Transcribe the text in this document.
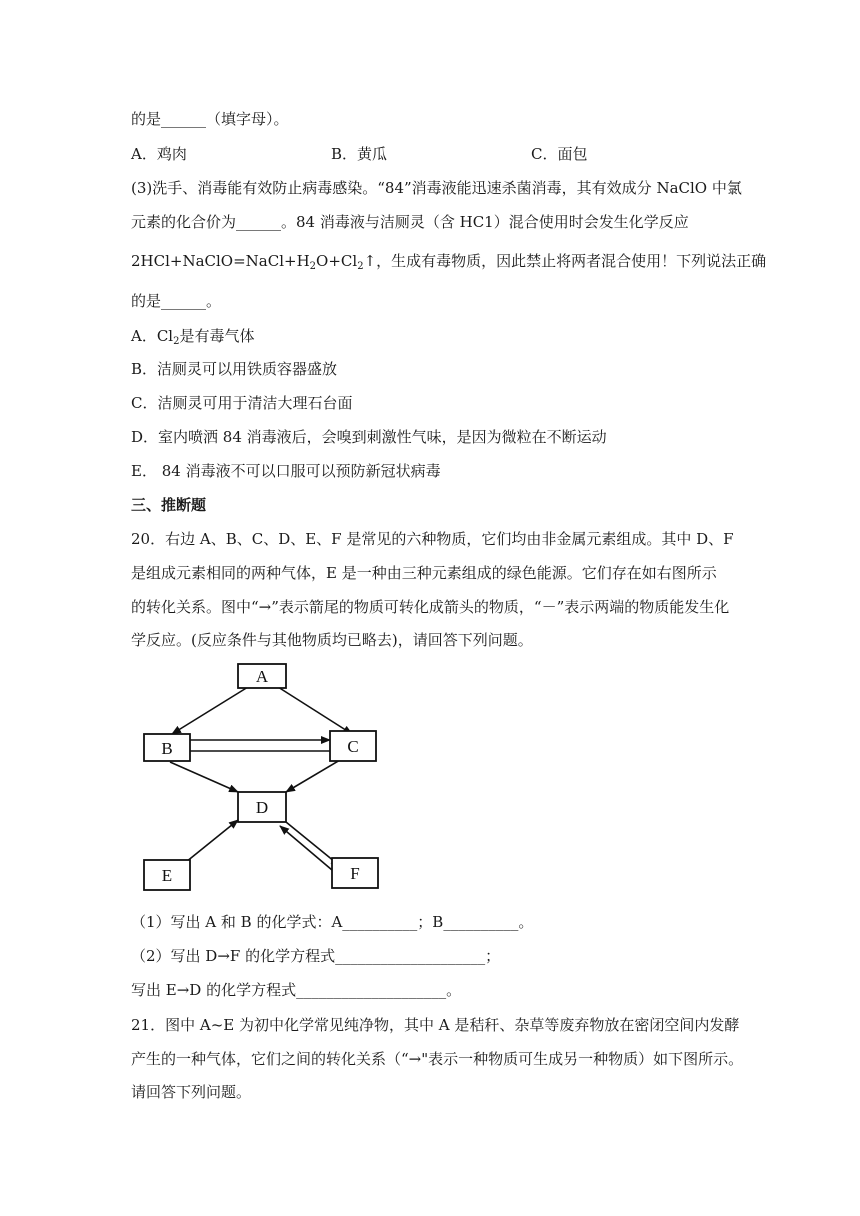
的是______（填字母）。
A．鸡肉	B．黄瓜	C．面包
(3)洗手、消毒能有效防止病毒感染。“84”消毒液能迅速杀菌消毒，其有效成分 NaClO 中氯
元素的化合价为______。84 消毒液与洁厕灵（含 HC1）混合使用时会发生化学反应
$2HCl+NaClO=NaCl+H_2O+Cl_2↑$，生成有毒物质，因此禁止将两者混合使用！下列说法正确
的是______。
A．$Cl_2$是有毒气体
B．洁厕灵可以用铁质容器盛放
C．洁厕灵可用于清洁大理石台面
D．室内喷洒 84 消毒液后，会嗅到刺激性气味，是因为微粒在不断运动
E． 84 消毒液不可以口服可以预防新冠状病毒
三、推断题
20．右边 A、B、C、D、E、F 是常见的六种物质，它们均由非金属元素组成。其中 D、F
是组成元素相同的两种气体，E 是一种由三种元素组成的绿色能源。它们存在如右图所示
的转化关系。图中“→”表示箭尾的物质可转化成箭头的物质，“－”表示两端的物质能发生化
学反应。(反应条件与其他物质均已略去)，请回答下列问题。
A
B	C
D
E	F
（1）写出 A 和 B 的化学式：A__________；B__________。
（2）写出 D→F 的化学方程式____________________；
写出 E→D 的化学方程式____________________。
21．图中 A~E 为初中化学常见纯净物，其中 A 是秸秆、杂草等废弃物放在密闭空间内发酵
产生的一种气体，它们之间的转化关系（“→"表示一种物质可生成另一种物质）如下图所示。
请回答下列问题。
